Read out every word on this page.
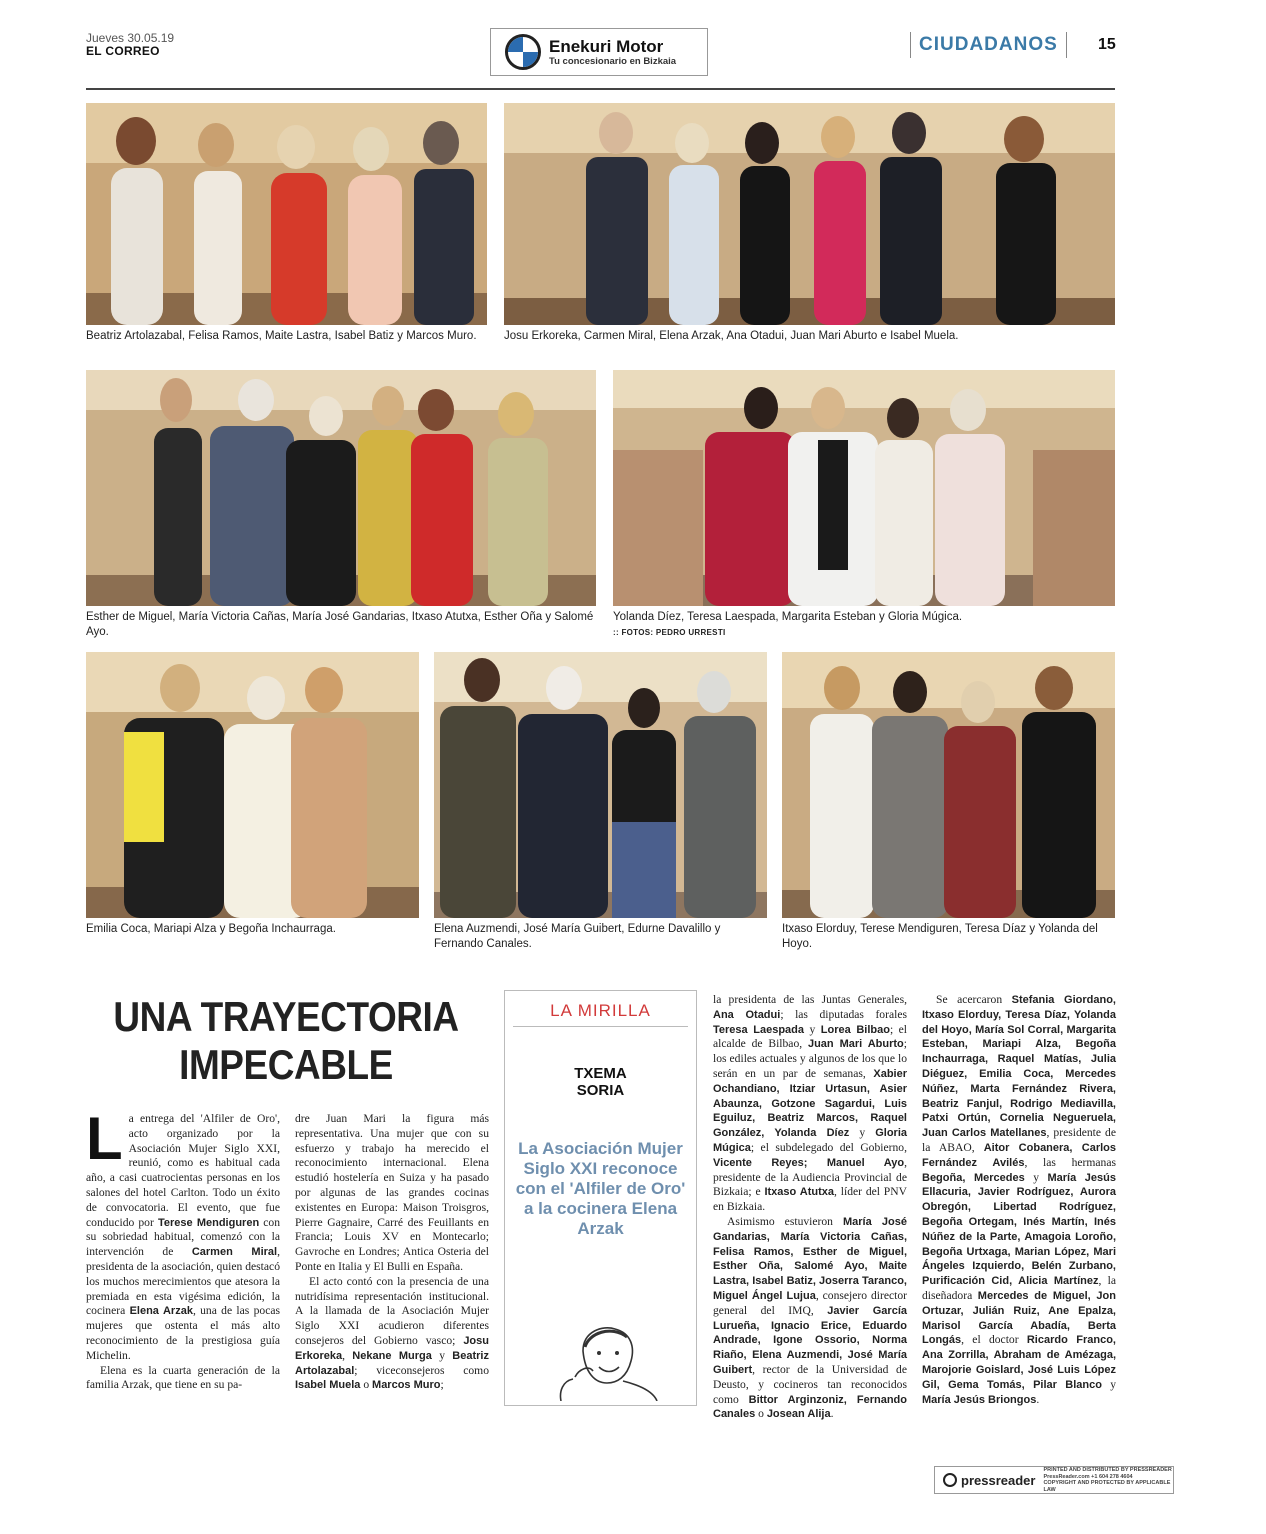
Jueves 30.05.19
EL CORREO	Enekuri Motor
Tu concesionario en Bizkaia
CIUDADANOS	15
Beatriz Artolazabal, Felisa Ramos, Maite Lastra, Isabel Batiz y Marcos Muro.	Josu Erkoreka, Carmen Miral, Elena Arzak, Ana Otadui, Juan Mari Aburto e Isabel Muela.
Esther de Miguel, María Victoria Cañas, María José Gandarias, Itxaso Atutxa, Esther Oña y Salomé Ayo.
Yolanda Díez, Teresa Laespada, Margarita Esteban y Gloria Múgica.
:: FOTOS: PEDRO URRESTI
Emilia Coca, Mariapi Alza y Begoña Inchaurraga.	Elena Auzmendi, José María Guibert, Edurne Davalillo y Fernando Canales.
Itxaso Elorduy, Terese Mendiguren, Teresa Díaz y Yolanda del Hoyo.
UNA TRAYECTORIA IMPECABLE
L a entrega del 'Alfiler de Oro', acto organizado por la Asociación Mujer Siglo XXI, reunió, como es habitual cada año, a casi cuatrocientas personas en los salones del hotel Carlton. Todo un éxito de convocatoria. El evento, que fue conducido por Terese Mendiguren con su sobriedad habitual, comenzó con la intervención de Carmen Miral, presidenta de la asociación, quien destacó los muchos merecimientos que atesora la premiada en esta vigésima edición, la cocinera Elena Arzak, una de las pocas mujeres que ostenta el más alto reconocimiento de la prestigiosa guía Michelin.
Elena es la cuarta generación de la familia Arzak, que tiene en su pa-
dre Juan Mari la figura más representativa. Una mujer que con su esfuerzo y trabajo ha merecido el reconocimiento internacional. Elena estudió hostelería en Suiza y ha pasado por algunas de las grandes cocinas existentes en Europa: Maison Troisgros, Pierre Gagnaire, Carré des Feuillants en Francia; Louis XV en Montecarlo; Gavroche en Londres; Antica Osteria del Ponte en Italia y El Bulli en España.
El acto contó con la presencia de una nutridísima representación institucional. A la llamada de la Asociación Mujer Siglo XXI acudieron diferentes consejeros del Gobierno vasco; Josu Erkoreka, Nekane Murga y Beatriz Artolazabal; viceconsejeros como Isabel Muela o Marcos Muro;
LA MIRILLA
TXEMA
SORIA
La Asociación Mujer Siglo XXI reconoce con el 'Alfiler de Oro' a la cocinera Elena Arzak
la presidenta de las Juntas Generales, Ana Otadui; las diputadas forales Teresa Laespada y Lorea Bilbao; el alcalde de Bilbao, Juan Mari Aburto; los ediles actuales y algunos de los que lo serán en un par de semanas, Xabier Ochandiano, Itziar Urtasun, Asier Abaunza, Gotzone Sagardui, Luis Eguiluz, Beatriz Marcos, Raquel González, Yolanda Díez y Gloria Múgica; el subdelegado del Gobierno, Vicente Reyes; Manuel Ayo, presidente de la Audiencia Provincial de Bizkaia; e Itxaso Atutxa, líder del PNV en Bizkaia.
Asimismo estuvieron María José Gandarias, María Victoria Cañas, Felisa Ramos, Esther de Miguel, Esther Oña, Salomé Ayo, Maite Lastra, Isabel Batiz, Joserra Taranco, Miguel Ángel Lujua, consejero director general del IMQ, Javier García Lurueña, Ignacio Erice, Eduardo Andrade, Igone Ossorio, Norma Riaño, Elena Auzmendi, José María Guibert, rector de la Universidad de Deusto, y cocineros tan reconocidos como Bittor Arginzoniz, Fernando Canales o Josean Alija.
Se acercaron Stefania Giordano, Itxaso Elorduy, Teresa Díaz, Yolanda del Hoyo, María Sol Corral, Margarita Esteban, Mariapi Alza, Begoña Inchaurraga, Raquel Matías, Julia Diéguez, Emilia Coca, Mercedes Núñez, Marta Fernández Rivera, Beatriz Fanjul, Rodrigo Mediavilla, Patxi Ortún, Cornelia Negueruela, Juan Carlos Matellanes, presidente de la ABAO, Aitor Cobanera, Carlos Fernández Avilés, las hermanas Begoña, Mercedes y María Jesús Ellacuria, Javier Rodríguez, Aurora Obregón, Libertad Rodríguez, Begoña Ortegam, Inés Martín, Inés Núñez de la Parte, Amagoia Loroño, Begoña Urtxaga, Marian López, Mari Ángeles Izquierdo, Belén Zurbano, Purificación Cid, Alicia Martínez, la diseñadora Mercedes de Miguel, Jon Ortuzar, Julián Ruiz, Ane Epalza, Marisol García Abadía, Berta Longás, el doctor Ricardo Franco, Ana Zorrilla, Abraham de Amézaga, Marojorie Goislard, José Luis López Gil, Gema Tomás, Pilar Blanco y María Jesús Briongos.
pressreader
PRINTED AND DISTRIBUTED BY PRESSREADER
PressReader.com +1 604 278 4604
COPYRIGHT AND PROTECTED BY APPLICABLE LAW
